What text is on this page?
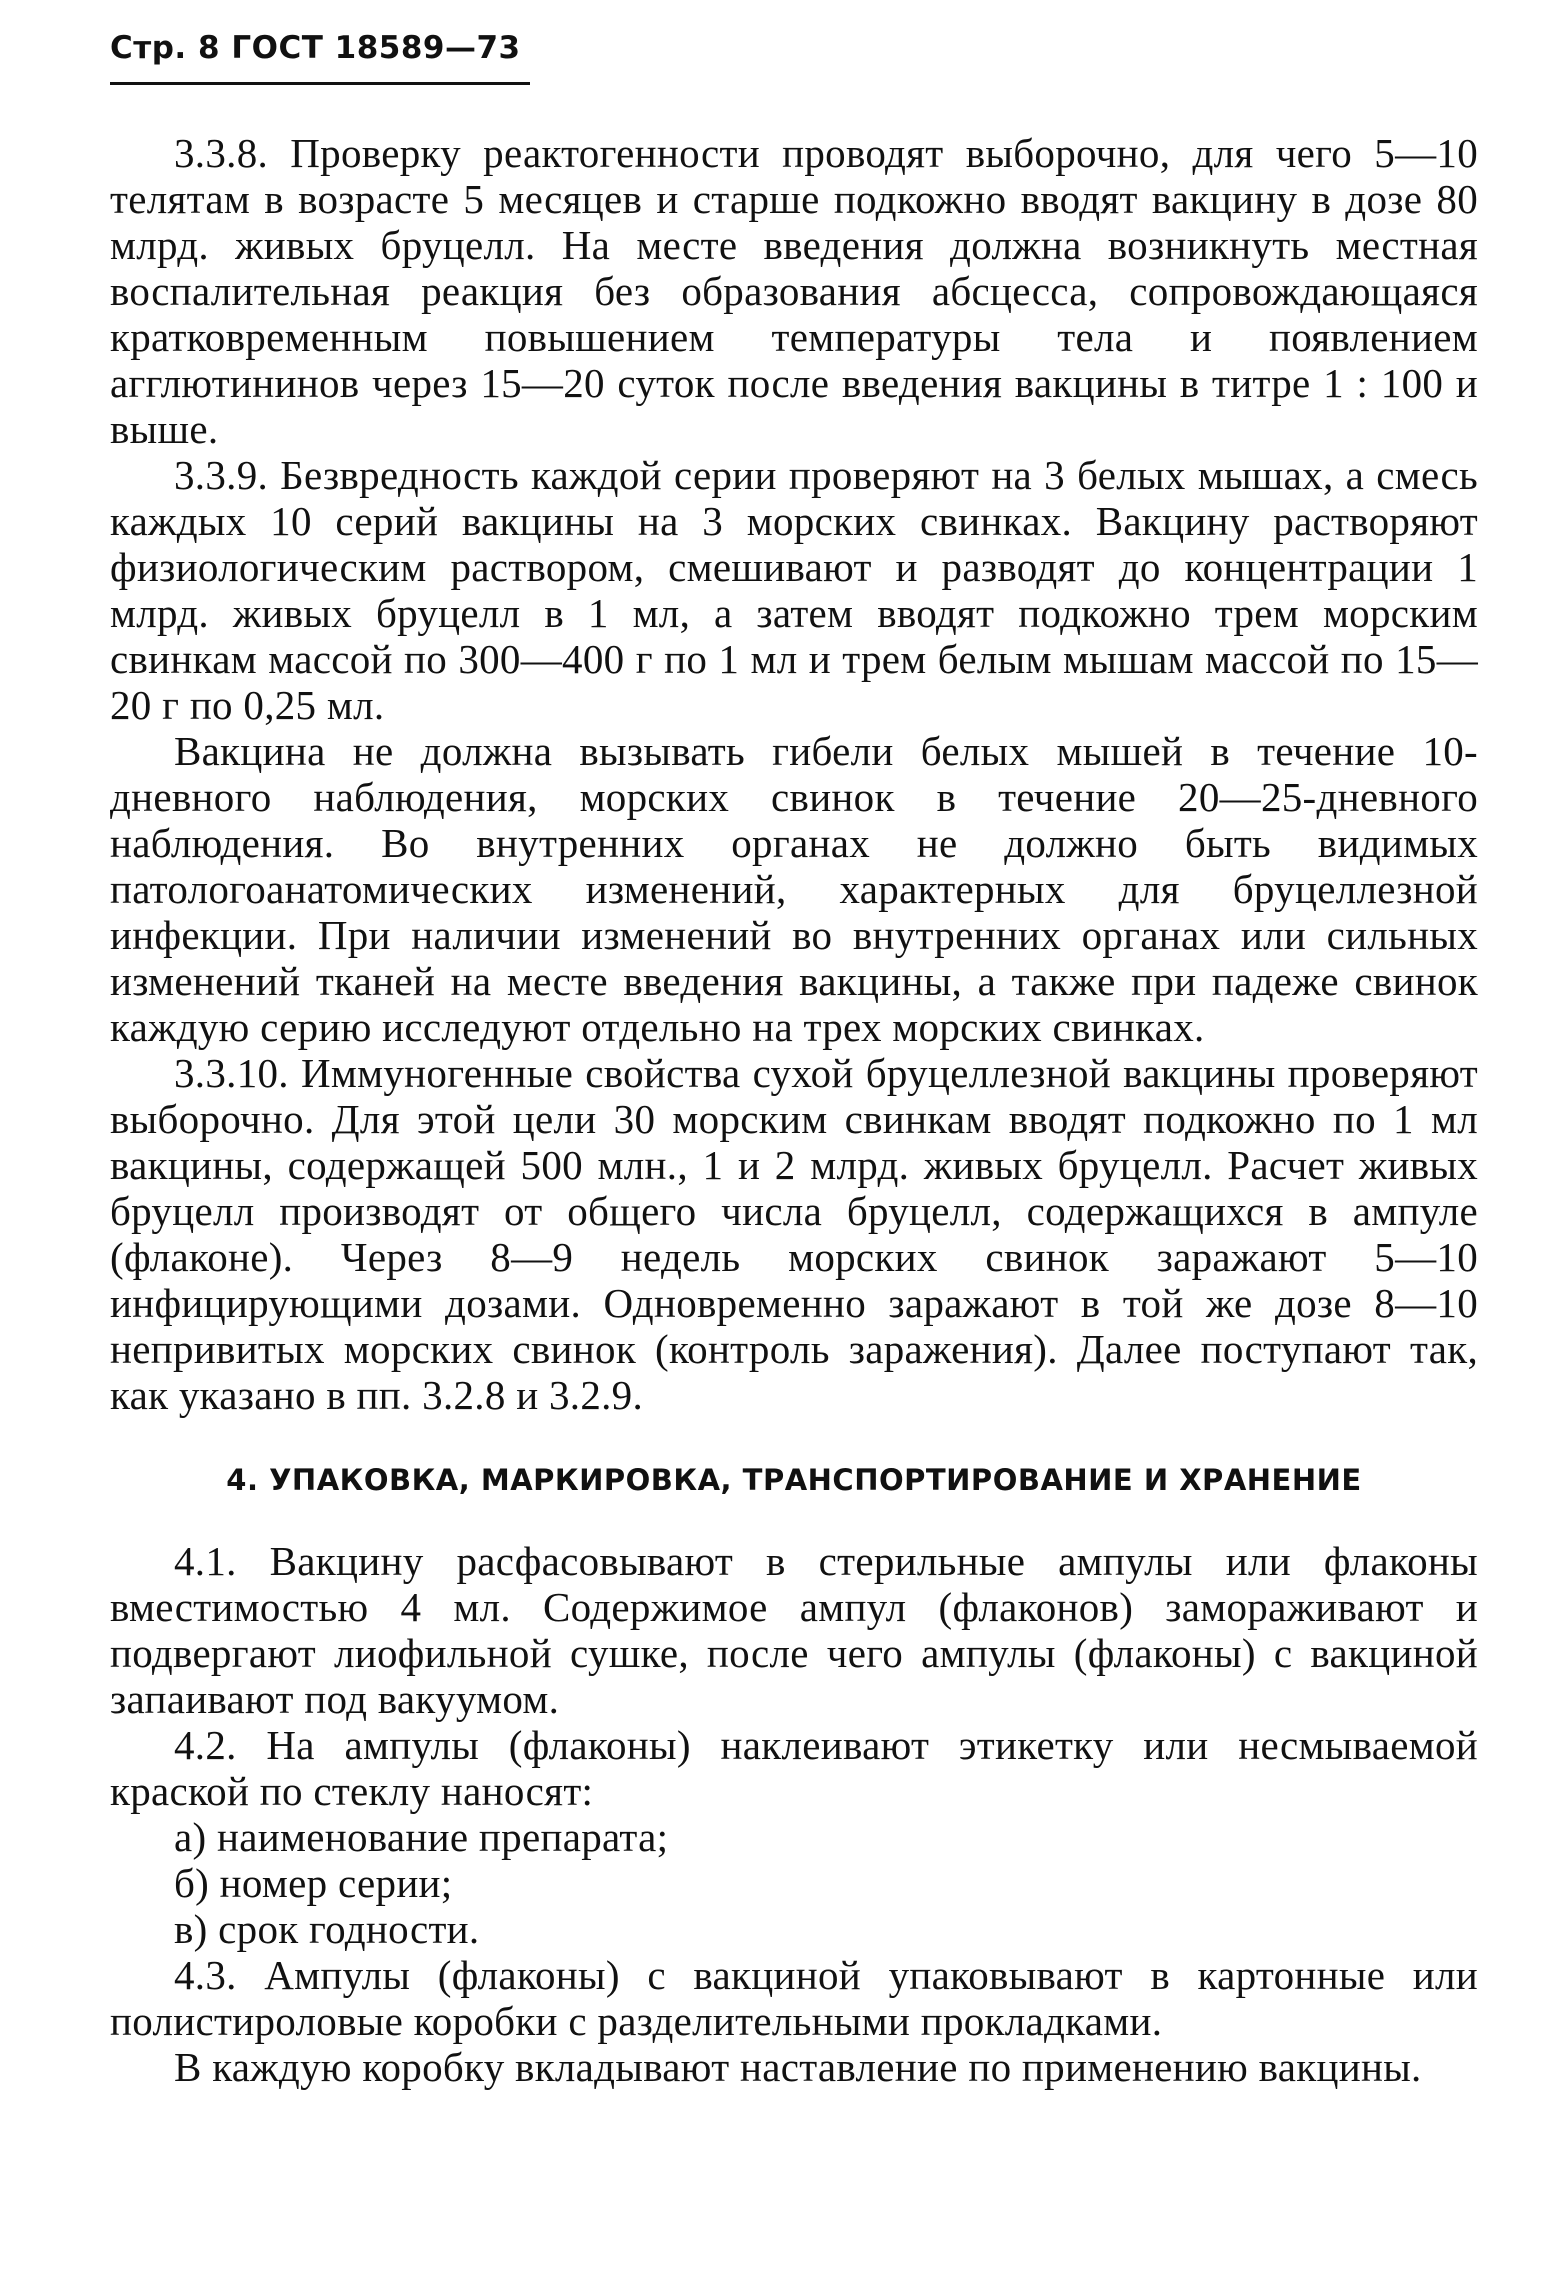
Стр. 8 ГОСТ 18589—73

3.3.8. Проверку реактогенности проводят выборочно, для чего 5—10 телятам в возрасте 5 месяцев и старше подкожно вводят вакцину в дозе 80 млрд. живых бруцелл. На месте введения должна возникнуть местная воспалительная реакция без образования абсцесса, сопровождающаяся кратковременным повышением температуры тела и появлением агглютининов через 15—20 суток после введения вакцины в титре 1 : 100 и выше.

3.3.9. Безвредность каждой серии проверяют на 3 белых мышах, а смесь каждых 10 серий вакцины на 3 морских свинках. Вакцину растворяют физиологическим раствором, смешивают и разводят до концентрации 1 млрд. живых бруцелл в 1 мл, а затем вводят подкожно трем морским свинкам массой по 300—400 г по 1 мл и трем белым мышам массой по 15—20 г по 0,25 мл.

Вакцина не должна вызывать гибели белых мышей в течение 10-дневного наблюдения, морских свинок в течение 20—25-дневного наблюдения. Во внутренних органах не должно быть видимых патологоанатомических изменений, характерных для бруцеллезной инфекции. При наличии изменений во внутренних органах или сильных изменений тканей на месте введения вакцины, а также при падеже свинок каждую серию исследуют отдельно на трех морских свинках.

3.3.10. Иммуногенные свойства сухой бруцеллезной вакцины проверяют выборочно. Для этой цели 30 морским свинкам вводят подкожно по 1 мл вакцины, содержащей 500 млн., 1 и 2 млрд. живых бруцелл. Расчет живых бруцелл производят от общего числа бруцелл, содержащихся в ампуле (флаконе). Через 8—9 недель морских свинок заражают 5—10 инфицирующими дозами. Одновременно заражают в той же дозе 8—10 непривитых морских свинок (контроль заражения). Далее поступают так, как указано в пп. 3.2.8 и 3.2.9.

4. УПАКОВКА, МАРКИРОВКА, ТРАНСПОРТИРОВАНИЕ И ХРАНЕНИЕ

4.1. Вакцину расфасовывают в стерильные ампулы или флаконы вместимостью 4 мл. Содержимое ампул (флаконов) замораживают и подвергают лиофильной сушке, после чего ампулы (флаконы) с вакциной запаивают под вакуумом.

4.2. На ампулы (флаконы) наклеивают этикетку или несмываемой краской по стеклу наносят:

а) наименование препарата;

б) номер серии;

в) срок годности.

4.3. Ампулы (флаконы) с вакциной упаковывают в картонные или полистироловые коробки с разделительными прокладками.

В каждую коробку вкладывают наставление по применению вакцины.
